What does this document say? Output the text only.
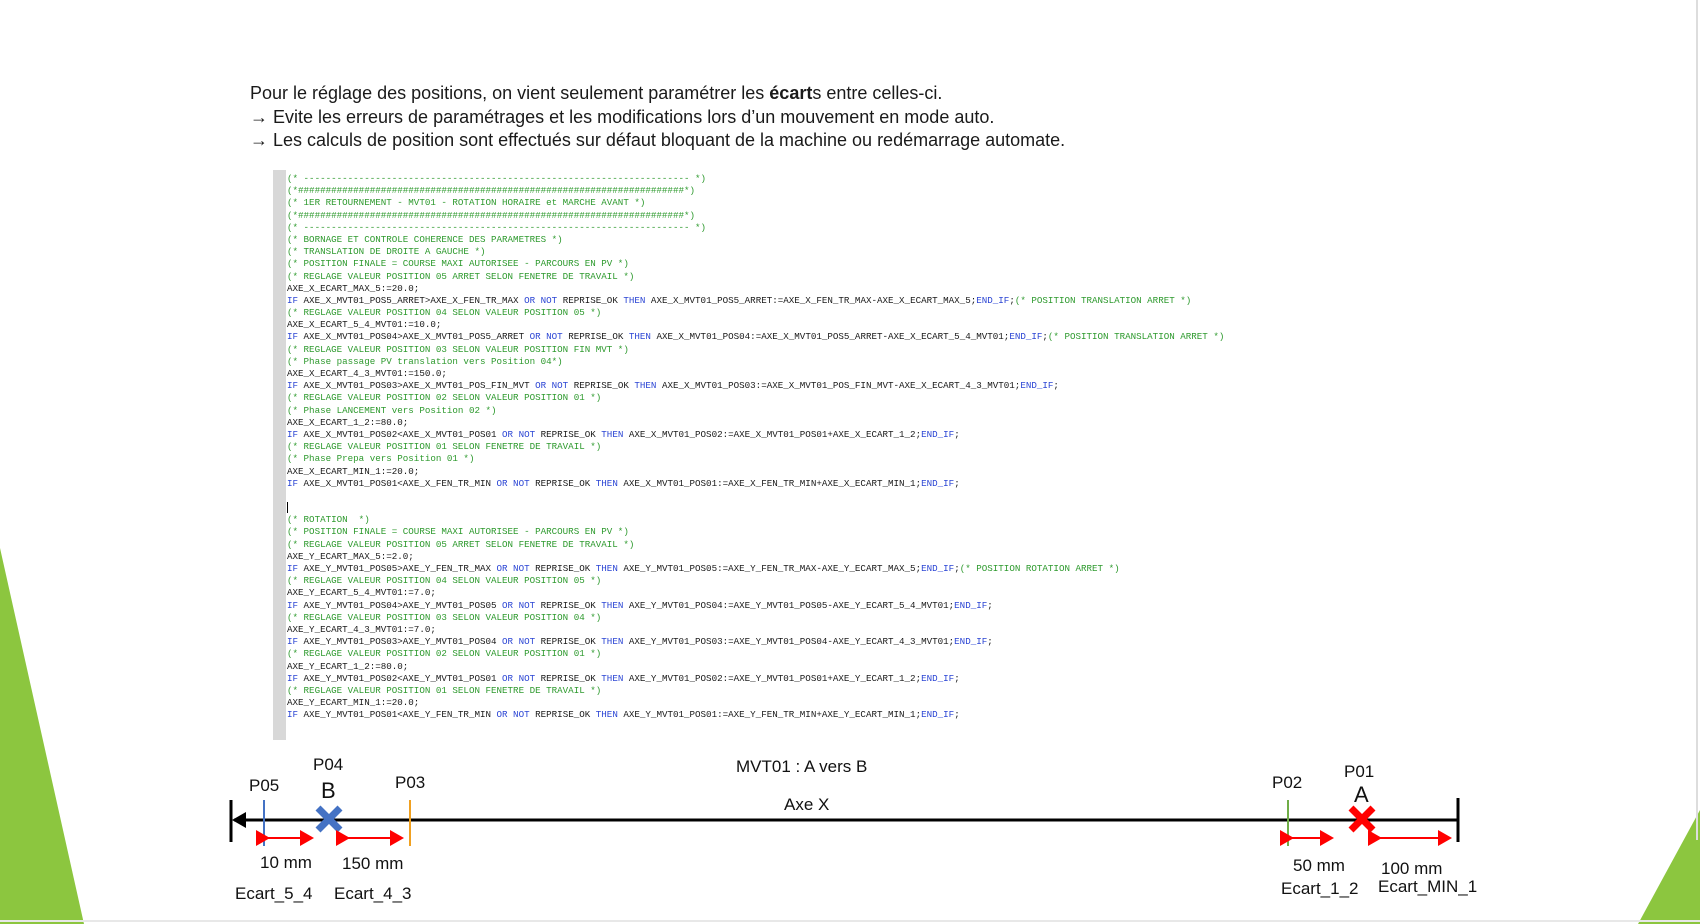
Pour le réglage des positions, on vient seulement paramétrer les écarts entre celles-ci.
→ Evite les erreurs de paramétrages et les modifications lors d’un mouvement en mode auto.
→ Les calculs de position sont effectués sur défaut bloquant de la machine ou redémarrage automate.
(* ---------------------------------------------------------------------- *)
(*######################################################################*)
(* 1ER RETOURNEMENT - MVT01 - ROTATION HORAIRE et MARCHE AVANT *)
(*######################################################################*)
(* ---------------------------------------------------------------------- *)
(* BORNAGE ET CONTROLE COHERENCE DES PARAMETRES *)
(* TRANSLATION DE DROITE A GAUCHE *)
(* POSITION FINALE = COURSE MAXI AUTORISEE - PARCOURS EN PV *)
(* REGLAGE VALEUR POSITION 05 ARRET SELON FENETRE DE TRAVAIL *)
AXE_X_ECART_MAX_5:=20.0;
IF AXE_X_MVT01_POS5_ARRET>AXE_X_FEN_TR_MAX OR NOT REPRISE_OK THEN AXE_X_MVT01_POS5_ARRET:=AXE_X_FEN_TR_MAX-AXE_X_ECART_MAX_5;END_IF;(* POSITION TRANSLATION ARRET *)
(* REGLAGE VALEUR POSITION 04 SELON VALEUR POSITION 05 *)
AXE_X_ECART_5_4_MVT01:=10.0;
IF AXE_X_MVT01_POS04>AXE_X_MVT01_POS5_ARRET OR NOT REPRISE_OK THEN AXE_X_MVT01_POS04:=AXE_X_MVT01_POS5_ARRET-AXE_X_ECART_5_4_MVT01;END_IF;(* POSITION TRANSLATION ARRET *)
(* REGLAGE VALEUR POSITION 03 SELON VALEUR POSITION FIN MVT *)
(* Phase passage PV translation vers Position 04*)
AXE_X_ECART_4_3_MVT01:=150.0;
IF AXE_X_MVT01_POS03>AXE_X_MVT01_POS_FIN_MVT OR NOT REPRISE_OK THEN AXE_X_MVT01_POS03:=AXE_X_MVT01_POS_FIN_MVT-AXE_X_ECART_4_3_MVT01;END_IF;
(* REGLAGE VALEUR POSITION 02 SELON VALEUR POSITION 01 *)
(* Phase LANCEMENT vers Position 02 *)
AXE_X_ECART_1_2:=80.0;
IF AXE_X_MVT01_POS02<AXE_X_MVT01_POS01 OR NOT REPRISE_OK THEN AXE_X_MVT01_POS02:=AXE_X_MVT01_POS01+AXE_X_ECART_1_2;END_IF;
(* REGLAGE VALEUR POSITION 01 SELON FENETRE DE TRAVAIL *)
(* Phase Prepa vers Position 01 *)
AXE_X_ECART_MIN_1:=20.0;
IF AXE_X_MVT01_POS01<AXE_X_FEN_TR_MIN OR NOT REPRISE_OK THEN AXE_X_MVT01_POS01:=AXE_X_FEN_TR_MIN+AXE_X_ECART_MIN_1;END_IF;
(* ROTATION  *)
(* POSITION FINALE = COURSE MAXI AUTORISEE - PARCOURS EN PV *)
(* REGLAGE VALEUR POSITION 05 ARRET SELON FENETRE DE TRAVAIL *)
AXE_Y_ECART_MAX_5:=2.0;
IF AXE_Y_MVT01_POS05>AXE_Y_FEN_TR_MAX OR NOT REPRISE_OK THEN AXE_Y_MVT01_POS05:=AXE_Y_FEN_TR_MAX-AXE_Y_ECART_MAX_5;END_IF;(* POSITION ROTATION ARRET *)
(* REGLAGE VALEUR POSITION 04 SELON VALEUR POSITION 05 *)
AXE_Y_ECART_5_4_MVT01:=7.0;
IF AXE_Y_MVT01_POS04>AXE_Y_MVT01_POS05 OR NOT REPRISE_OK THEN AXE_Y_MVT01_POS04:=AXE_Y_MVT01_POS05-AXE_Y_ECART_5_4_MVT01;END_IF;
(* REGLAGE VALEUR POSITION 03 SELON VALEUR POSITION 04 *)
AXE_Y_ECART_4_3_MVT01:=7.0;
IF AXE_Y_MVT01_POS03>AXE_Y_MVT01_POS04 OR NOT REPRISE_OK THEN AXE_Y_MVT01_POS03:=AXE_Y_MVT01_POS04-AXE_Y_ECART_4_3_MVT01;END_IF;
(* REGLAGE VALEUR POSITION 02 SELON VALEUR POSITION 01 *)
AXE_Y_ECART_1_2:=80.0;
IF AXE_Y_MVT01_POS02<AXE_Y_MVT01_POS01 OR NOT REPRISE_OK THEN AXE_Y_MVT01_POS02:=AXE_Y_MVT01_POS01+AXE_Y_ECART_1_2;END_IF;
(* REGLAGE VALEUR POSITION 01 SELON FENETRE DE TRAVAIL *)
AXE_Y_ECART_MIN_1:=20.0;
IF AXE_Y_MVT01_POS01<AXE_Y_FEN_TR_MIN OR NOT REPRISE_OK THEN AXE_Y_MVT01_POS01:=AXE_Y_FEN_TR_MIN+AXE_Y_ECART_MIN_1;END_IF;
MVT01 : A vers B
Axe X
P05
P04
B	P03	P02
P01
A
10 mm 150 mm	50 mm 100 mm
Ecart_5_4 Ecart_4_3	Ecart_1_2 Ecart_MIN_1
